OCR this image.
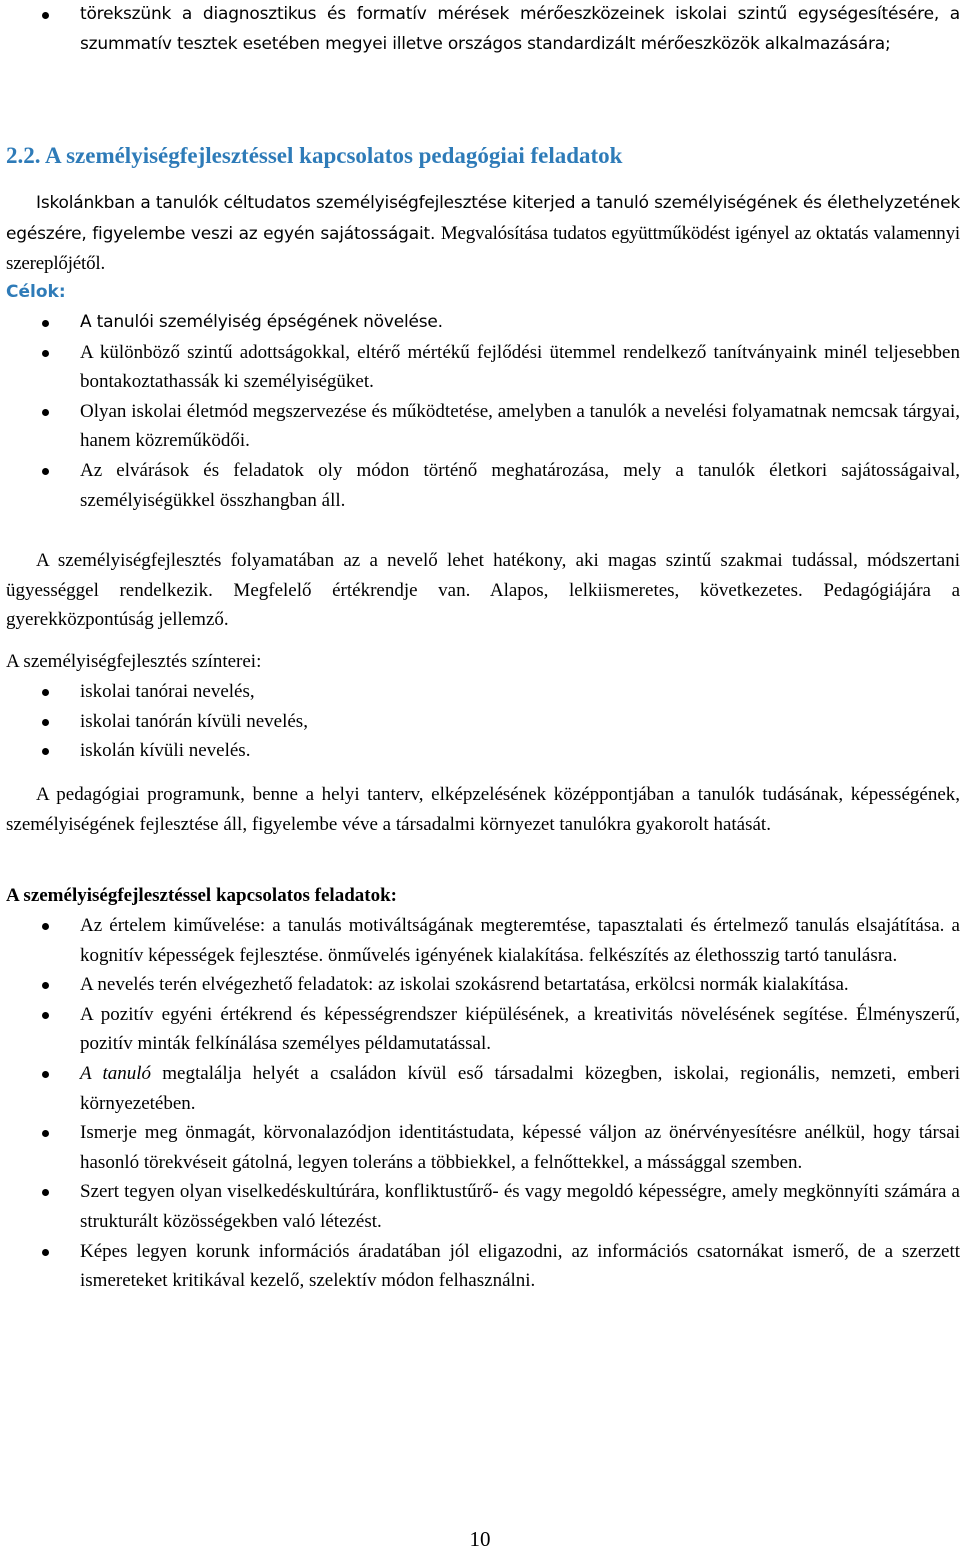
törekszünk a diagnosztikus és formatív mérések mérőeszközeinek iskolai szintű egységesítésére, a szummatív tesztek esetében megyei illetve országos standardizált mérőeszközök alkalmazására;
2.2. A személyiségfejlesztéssel kapcsolatos pedagógiai feladatok
Iskolánkban a tanulók céltudatos személyiségfejlesztése kiterjed a tanuló személyiségének és élethelyzetének egészére, figyelembe veszi az egyén sajátosságait. Megvalósítása tudatos együttműködést igényel az oktatás valamennyi szereplőjétől.
Célok:
A tanulói személyiség épségének növelése.
A különböző szintű adottságokkal, eltérő mértékű fejlődési ütemmel rendelkező tanítványaink minél teljesebben bontakoztathassák ki személyiségüket.
Olyan iskolai életmód megszervezése és működtetése, amelyben a tanulók a nevelési folyamatnak nemcsak tárgyai, hanem közreműködői.
Az elvárások és feladatok oly módon történő meghatározása, mely a tanulók életkori sajátosságaival, személyiségükkel összhangban áll.
A személyiségfejlesztés folyamatában az a nevelő lehet hatékony, aki magas szintű szakmai tudással, módszertani ügyességgel rendelkezik. Megfelelő értékrendje van. Alapos, lelkiismeretes, következetes. Pedagógiájára a gyerekközpontúság jellemző.
A személyiségfejlesztés színterei:
iskolai tanórai nevelés,
iskolai tanórán kívüli nevelés,
iskolán kívüli nevelés.
A pedagógiai programunk, benne a helyi tanterv, elképzelésének középpontjában a tanulók tudásának, képességének, személyiségének fejlesztése áll, figyelembe véve a társadalmi környezet tanulókra gyakorolt hatását.
A személyiségfejlesztéssel kapcsolatos feladatok:
Az értelem kiművelése: a tanulás motiváltságának megteremtése, tapasztalati és értelmező tanulás elsajátítása. a kognitív képességek fejlesztése. önművelés igényének kialakítása. felkészítés az élethosszig tartó tanulásra.
A nevelés terén elvégezhető feladatok: az iskolai szokásrend betartatása, erkölcsi normák kialakítása.
A pozitív egyéni értékrend és képességrendszer kiépülésének, a kreativitás növelésének segítése. Élményszerű, pozitív minták felkínálása személyes példamutatással.
A tanuló megtalálja helyét a családon kívül eső társadalmi közegben, iskolai, regionális, nemzeti, emberi környezetében.
Ismerje meg önmagát, körvonalazódjon identitástudata, képessé váljon az önérvényesítésre anélkül, hogy társai hasonló törekvéseit gátolná, legyen toleráns a többiekkel, a felnőttekkel, a mássággal szemben.
Szert tegyen olyan viselkedéskultúrára, konfliktustűrő- és vagy megoldó képességre, amely megkönnyíti számára a strukturált közösségekben való létezést.
Képes legyen korunk információs áradatában jól eligazodni, az információs csatornákat ismerő, de a szerzett ismereteket kritikával kezelő, szelektív módon felhasználni.
10
